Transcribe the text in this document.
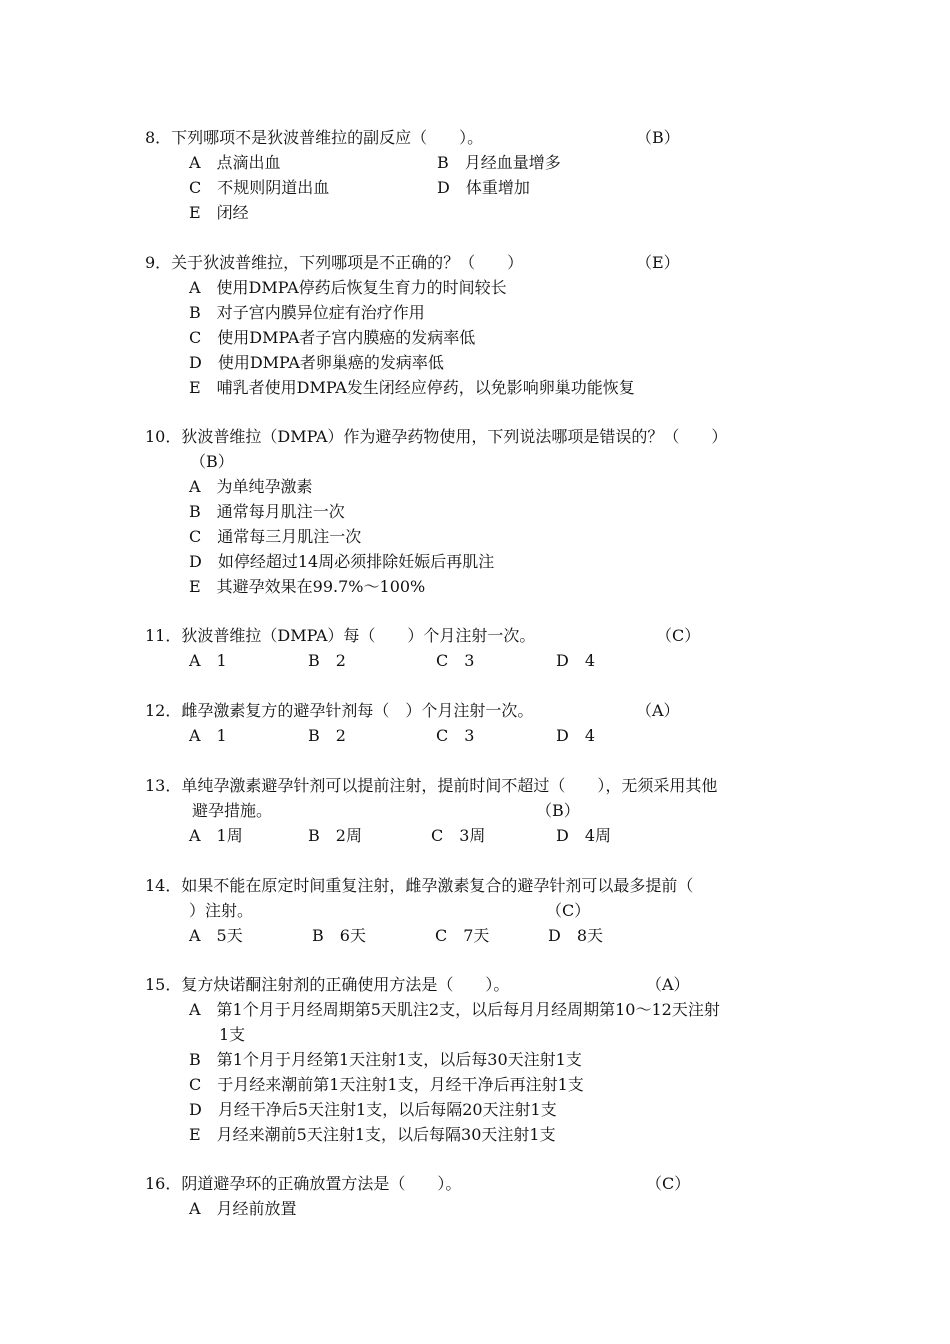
8．下列哪项不是狄波普维拉的副反应（　　）。	（B）
A　点滴出血	B　月经血量增多
C　不规则阴道出血	D　体重增加
E　闭经
9．关于狄波普维拉，下列哪项是不正确的？（　　）	（E）
A　使用DMPA停药后恢复生育力的时间较长
B　对子宫内膜异位症有治疗作用
C　使用DMPA者子宫内膜癌的发病率低
D　使用DMPA者卵巢癌的发病率低
E　哺乳者使用DMPA发生闭经应停药，以免影响卵巢功能恢复
10．狄波普维拉（DMPA）作为避孕药物使用，下列说法哪项是错误的？（　　）
（B）
A　为单纯孕激素
B　通常每月肌注一次
C　通常每三月肌注一次
D　如停经超过14周必须排除妊娠后再肌注
E　其避孕效果在99.7%～100%
11．狄波普维拉（DMPA）每（　　）个月注射一次。	（C）
A　1	B　2	C　3	D　4
12．雌孕激素复方的避孕针剂每（　）个月注射一次。	（A）
A　1	B　2	C　3	D　4
13．单纯孕激素避孕针剂可以提前注射，提前时间不超过（　　），无须采用其他
避孕措施。	（B）
A　1周	B　2周	C　3周	D　4周
14．如果不能在原定时间重复注射，雌孕激素复合的避孕针剂可以最多提前（
）注射。	（C）
A　5天	B　6天	C　7天	D　8天
15．复方炔诺酮注射剂的正确使用方法是（　　）。	（A）
A　第1个月于月经周期第5天肌注2支，以后每月月经周期第10～12天注射
1支
B　第1个月于月经第1天注射1支，以后每30天注射1支
C　于月经来潮前第1天注射1支，月经干净后再注射1支
D　月经干净后5天注射1支，以后每隔20天注射1支
E　月经来潮前5天注射1支，以后每隔30天注射1支
16．阴道避孕环的正确放置方法是（　　）。	（C）
A　月经前放置
